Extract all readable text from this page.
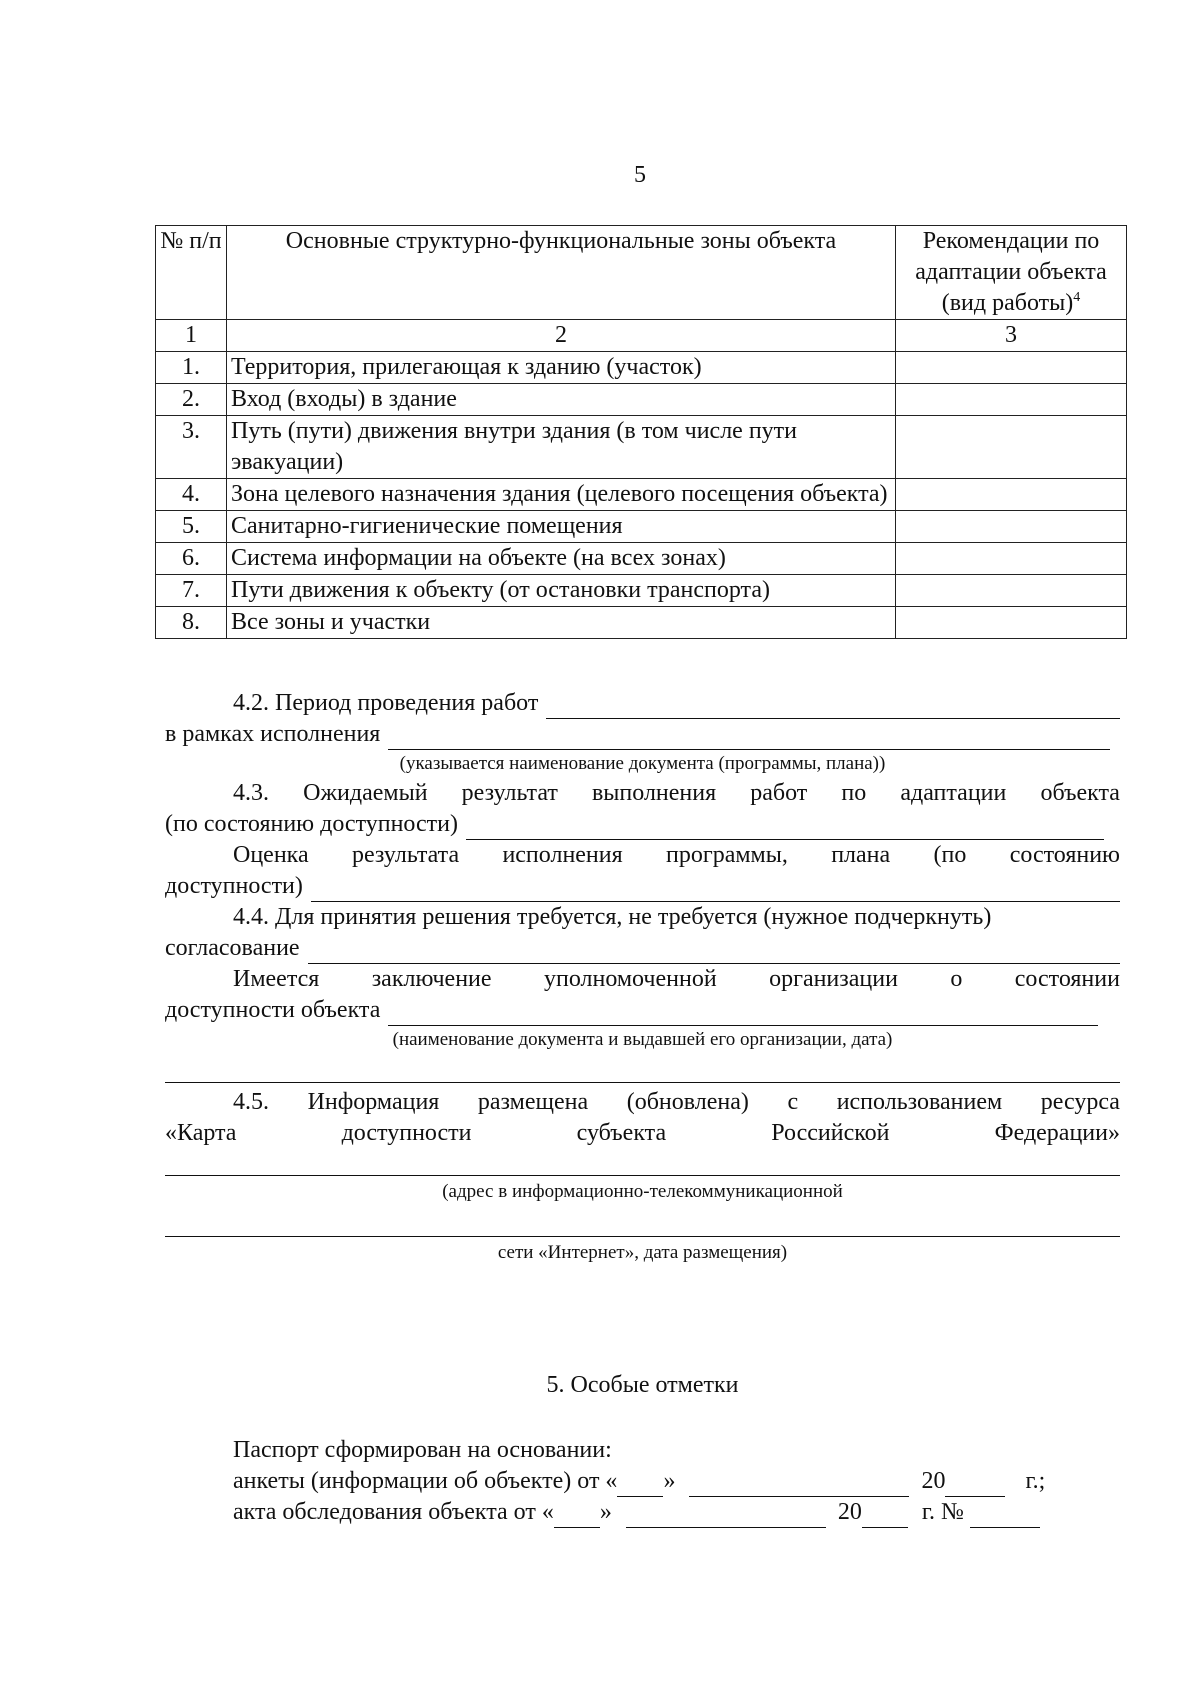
5
№ п/п	Основные структурно-функциональные зоны объекта	Рекомендации по адаптации объекта (вид работы)$^4$
1	2	3
1.	Территория, прилегающая к зданию (участок)	
2.	Вход (входы) в здание	
3.	Путь (пути) движения внутри здания (в том числе пути эвакуации)	
4.	Зона целевого назначения здания (целевого посещения объекта)	
5.	Санитарно-гигиенические помещения	
6.	Система информации на объекте (на всех зонах)	
7.	Пути движения к объекту (от остановки транспорта)	
8.	Все зоны и участки	
4.2. Период проведения работ
в рамках исполнения
(указывается наименование документа (программы, плана))
4.3. Ожидаемый результат выполнения работ по адаптации объекта
(по состоянию доступности)
Оценка результата исполнения программы, плана (по состоянию
доступности)
4.4. Для принятия решения требуется, не требуется (нужное подчеркнуть)
согласование
Имеется заключение уполномоченной организации о состоянии
доступности объекта
(наименование документа и выдавшей его организации, дата)
4.5. Информация размещена (обновлена) с использованием ресурса
«Карта	доступности	субъекта	Российской	Федерации»
(адрес в информационно-телекоммуникационной
сети «Интернет», дата размещения)
5. Особые отметки
Паспорт сформирован на основании:
анкеты (информации об объекте) от « »	20	г.;
акта обследования объекта от « »	20	г. №
